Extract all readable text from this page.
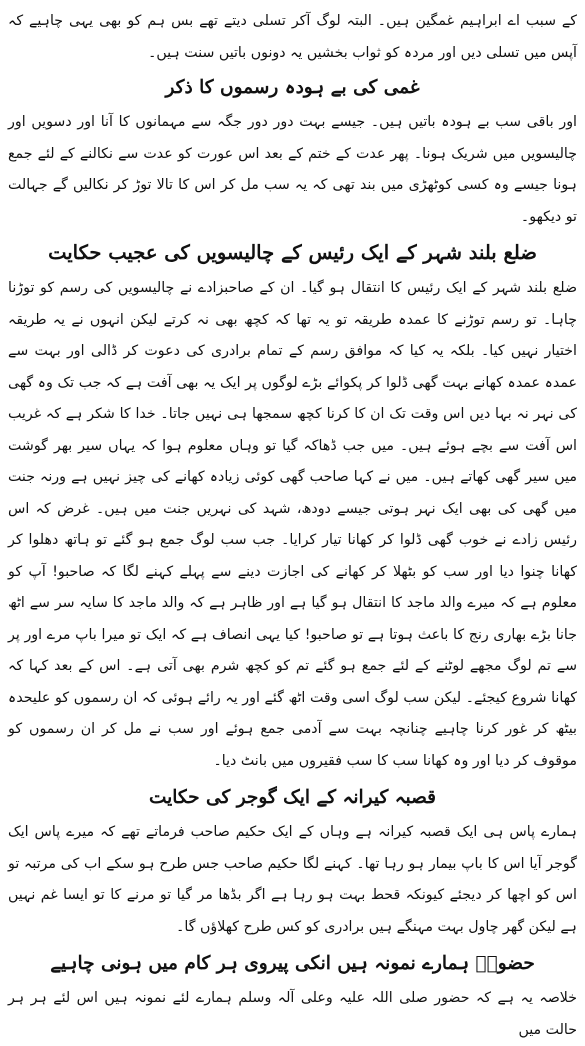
کے سبب اے ابراہیم غمگین ہیں۔ البتہ لوگ آکر تسلی دیتے تھے بس ہم کو بھی یہی چاہیے کہ آپس میں تسلی دیں اور مردہ کو ثواب بخشیں یہ دونوں باتیں سنت ہیں۔

غمی کی بے ہودہ رسموں کا ذکر

اور باقی سب بے ہودہ باتیں ہیں۔ جیسے بہت دور دور جگہ سے مہمانوں کا آنا اور دسویں اور چالیسویں میں شریک ہونا۔ پھر عدت کے ختم کے بعد اس عورت کو عدت سے نکالنے کے لئے جمع ہونا جیسے وہ کسی کوٹھڑی میں بند تھی کہ یہ سب مل کر اس کا تالا توڑ کر نکالیں گے جہالت تو دیکھو۔

ضلع بلند شہر کے ایک رئیس کے چالیسویں کی عجیب حکایت

ضلع بلند شہر کے ایک رئیس کا انتقال ہو گیا۔ ان کے صاحبزادے نے چالیسویں کی رسم کو توڑنا چاہا۔ تو رسم توڑنے کا عمدہ طریقہ تو یہ تھا کہ کچھ بھی نہ کرتے لیکن انہوں نے یہ طریقہ اختیار نہیں کیا۔ بلکہ یہ کیا کہ موافق رسم کے تمام برادری کی دعوت کر ڈالی اور بہت سے عمدہ عمدہ کھانے بہت گھی ڈلوا کر پکوائے بڑے لوگوں پر ایک یہ بھی آفت ہے کہ جب تک وہ گھی کی نہر نہ بہا دیں اس وقت تک ان کا کرنا کچھ سمجھا ہی نہیں جاتا۔ خدا کا شکر ہے کہ غریب اس آفت سے بچے ہوئے ہیں۔ میں جب ڈھاکہ گیا تو وہاں معلوم ہوا کہ یہاں سیر بھر گوشت میں سیر گھی کھاتے ہیں۔ میں نے کہا صاحب گھی کوئی زیادہ کھانے کی چیز نہیں ہے ورنہ جنت میں گھی کی بھی ایک نہر ہوتی جیسے دودھ، شہد کی نہریں جنت میں ہیں۔ غرض کہ اس رئیس زادے نے خوب گھی ڈلوا کر کھانا تیار کرایا۔ جب سب لوگ جمع ہو گئے تو ہاتھ دھلوا کر کھانا چنوا دیا اور سب کو بٹھلا کر کھانے کی اجازت دینے سے پہلے کہنے لگا کہ صاحبو! آپ کو معلوم ہے کہ میرے والد ماجد کا انتقال ہو گیا ہے اور ظاہر ہے کہ والد ماجد کا سایہ سر سے اٹھ جانا بڑے بھاری رنج کا باعث ہوتا ہے تو صاحبو! کیا یہی انصاف ہے کہ ایک تو میرا باپ مرے اور پر سے تم لوگ مجھے لوٹنے کے لئے جمع ہو گئے تم کو کچھ شرم بھی آتی ہے۔ اس کے بعد کہا کہ کھانا شروع کیجئے۔ لیکن سب لوگ اسی وقت اٹھ گئے اور یہ رائے ہوئی کہ ان رسموں کو علیحدہ بیٹھ کر غور کرنا چاہیے چنانچہ بہت سے آدمی جمع ہوئے اور سب نے مل کر ان رسموں کو موقوف کر دیا اور وہ کھانا سب کا سب فقیروں میں بانٹ دیا۔

قصبہ کیرانہ کے ایک گوجر کی حکایت

ہمارے پاس ہی ایک قصبہ کیرانہ ہے وہاں کے ایک حکیم صاحب فرماتے تھے کہ میرے پاس ایک گوجر آیا اس کا باپ بیمار ہو رہا تھا۔ کہنے لگا حکیم صاحب جس طرح ہو سکے اب کی مرتبہ تو اس کو اچھا کر دیجئے کیونکہ قحط بہت ہو رہا ہے اگر بڈھا مر گیا تو مرنے کا تو ایسا غم نہیں ہے لیکن گھر چاول بہت مہنگے ہیں برادری کو کس طرح کھلاؤں گا۔

حضورؐ ہمارے نمونہ ہیں انکی پیروی ہر کام میں ہونی چاہیے

خلاصہ یہ ہے کہ حضور صلی اللہ علیہ وعلی آلہ وسلم ہمارے لئے نمونہ ہیں اس لئے ہر ہر حالت میں
